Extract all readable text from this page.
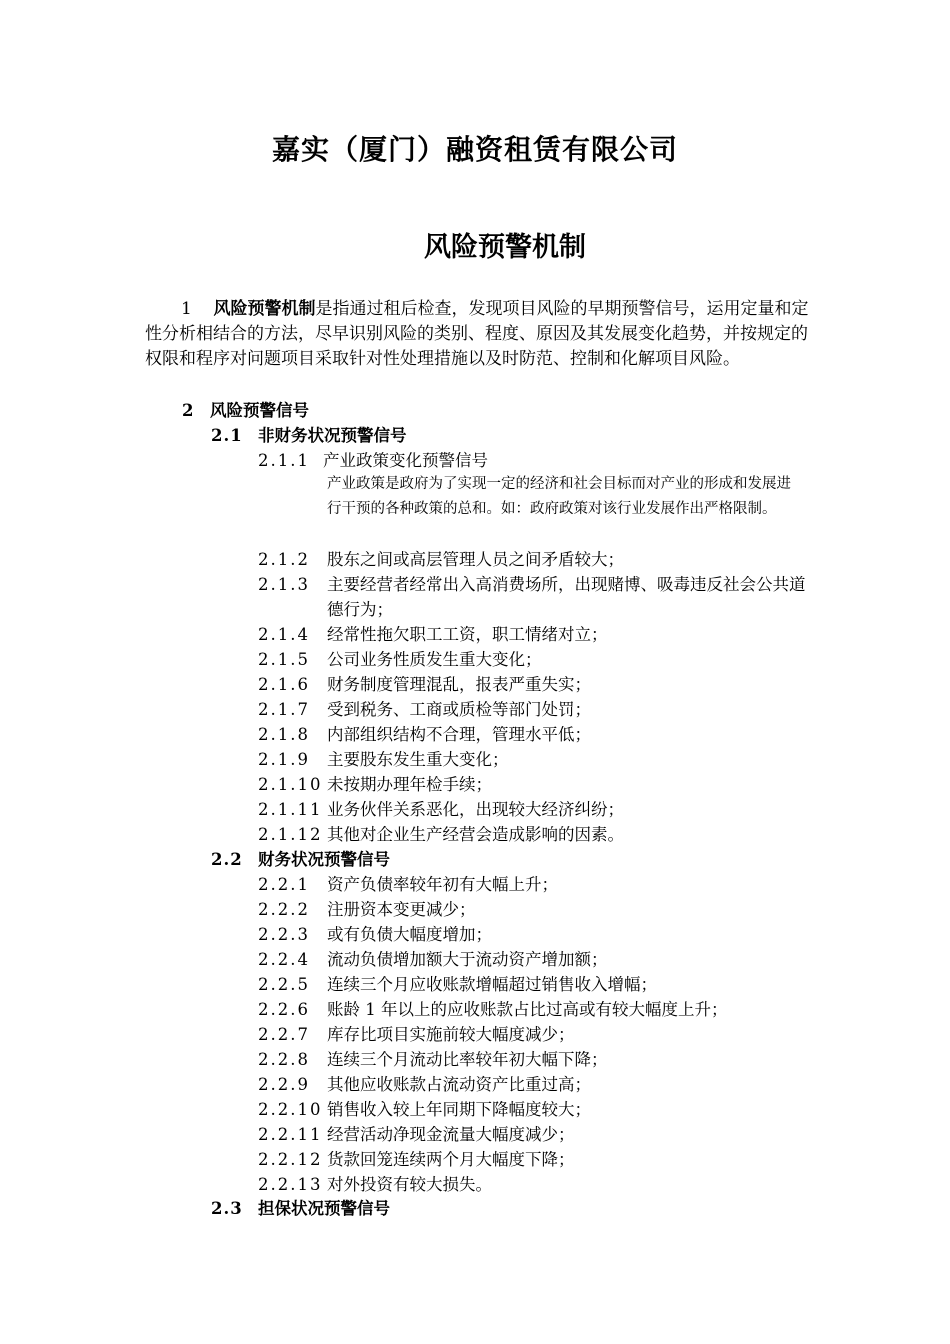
嘉实（厦门）融资租赁有限公司
风险预警机制
1 风险预警机制是指通过租后检查，发现项目风险的早期预警信号，运用定量和定性分析相结合的方法，尽早识别风险的类别、程度、原因及其发展变化趋势，并按规定的权限和程序对问题项目采取针对性处理措施以及时防范、控制和化解项目风险。
2 风险预警信号
2.1 非财务状况预警信号
2.1.1 产业政策变化预警信号
产业政策是政府为了实现一定的经济和社会目标而对产业的形成和发展进行干预的各种政策的总和。如：政府政策对该行业发展作出严格限制。
2.1.2 股东之间或高层管理人员之间矛盾较大；
2.1.3	主要经营者经常出入高消费场所，出现赌博、吸毒违反社会公共道德行为；
2.1.4 经常性拖欠职工工资，职工情绪对立；
2.1.5 公司业务性质发生重大变化；
2.1.6 财务制度管理混乱，报表严重失实；
2.1.7 受到税务、工商或质检等部门处罚；
2.1.8 内部组织结构不合理，管理水平低；
2.1.9 主要股东发生重大变化；
2.1.10 未按期办理年检手续；
2.1.11 业务伙伴关系恶化，出现较大经济纠纷；
2.1.12 其他对企业生产经营会造成影响的因素。
2.2 财务状况预警信号
2.2.1 资产负债率较年初有大幅上升；
2.2.2 注册资本变更减少；
2.2.3 或有负债大幅度增加；
2.2.4 流动负债增加额大于流动资产增加额；
2.2.5 连续三个月应收账款增幅超过销售收入增幅；
2.2.6 账龄 1 年以上的应收账款占比过高或有较大幅度上升；
2.2.7 库存比项目实施前较大幅度减少；
2.2.8 连续三个月流动比率较年初大幅下降；
2.2.9 其他应收账款占流动资产比重过高；
2.2.10 销售收入较上年同期下降幅度较大；
2.2.11 经营活动净现金流量大幅度减少；
2.2.12 货款回笼连续两个月大幅度下降；
2.2.13 对外投资有较大损失。
2.3 担保状况预警信号
